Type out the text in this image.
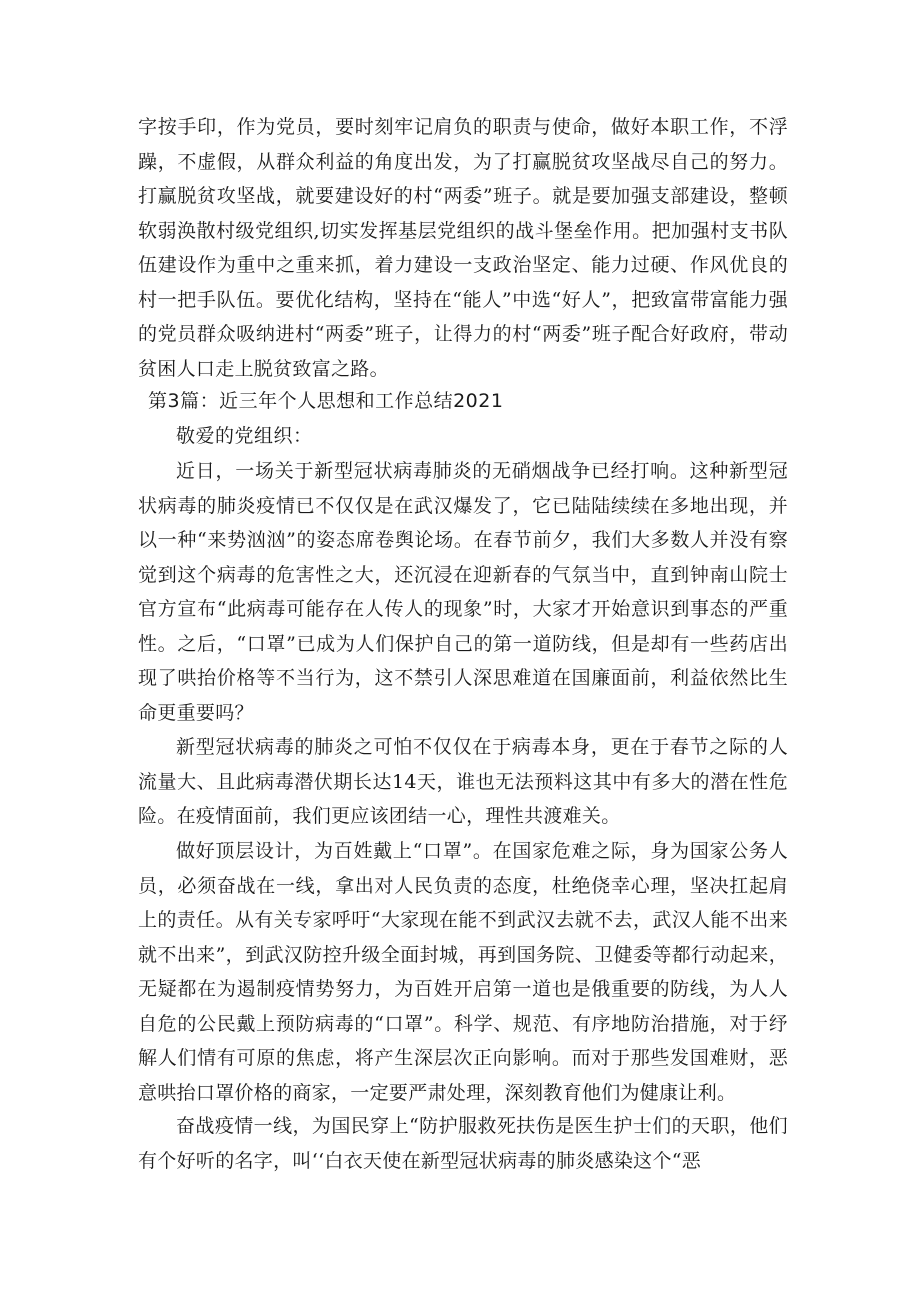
字按手印，作为党员，要时刻牢记肩负的职责与使命，做好本职工作，不浮躁，不虚假，从群众利益的角度出发，为了打赢脱贫攻坚战尽自己的努力。打赢脱贫攻坚战，就要建设好的村“两委”班子。就是要加强支部建设，整顿软弱涣散村级党组织,切实发挥基层党组织的战斗堡垒作用。把加强村支书队伍建设作为重中之重来抓，着力建设一支政治坚定、能力过硬、作风优良的村一把手队伍。要优化结构，坚持在“能人”中选“好人”，把致富带富能力强的党员群众吸纳进村“两委”班子，让得力的村“两委”班子配合好政府，带动贫困人口走上脱贫致富之路。

第3篇：近三年个人思想和工作总结2021

敬爱的党组织：

近日，一场关于新型冠状病毒肺炎的无硝烟战争已经打响。这种新型冠状病毒的肺炎疫情已不仅仅是在武汉爆发了，它已陆陆续续在多地出现，并以一种“来势汹汹”的姿态席卷舆论场。在春节前夕，我们大多数人并没有察觉到这个病毒的危害性之大，还沉浸在迎新春的气氛当中，直到钟南山院士官方宣布“此病毒可能存在人传人的现象”时，大家才开始意识到事态的严重性。之后，“口罩”已成为人们保护自己的第一道防线，但是却有一些药店出现了哄抬价格等不当行为，这不禁引人深思难道在国廉面前，利益依然比生命更重要吗？

新型冠状病毒的肺炎之可怕不仅仅在于病毒本身，更在于春节之际的人流量大、且此病毒潜伏期长达14天，谁也无法预料这其中有多大的潜在性危险。在疫情面前，我们更应该团结一心，理性共渡难关。

做好顶层设计，为百姓戴上“口罩”。在国家危难之际，身为国家公务人员，必须奋战在一线，拿出对人民负责的态度，杜绝侥幸心理，坚决扛起肩上的责任。从有关专家呼吁“大家现在能不到武汉去就不去，武汉人能不出来就不出来”，到武汉防控升级全面封城，再到国务院、卫健委等都行动起来，无疑都在为遏制疫情势努力，为百姓开启第一道也是俄重要的防线，为人人自危的公民戴上预防病毒的“口罩”。科学、规范、有序地防治措施，对于纾解人们情有可原的焦虑，将产生深层次正向影响。而对于那些发国难财，恶意哄抬口罩价格的商家，一定要严肃处理，深刻教育他们为健康让利。

奋战疫情一线，为国民穿上“防护服救死扶伤是医生护士们的天职，他们有个好听的名字，叫‘‘白衣天使在新型冠状病毒的肺炎感染这个“恶
